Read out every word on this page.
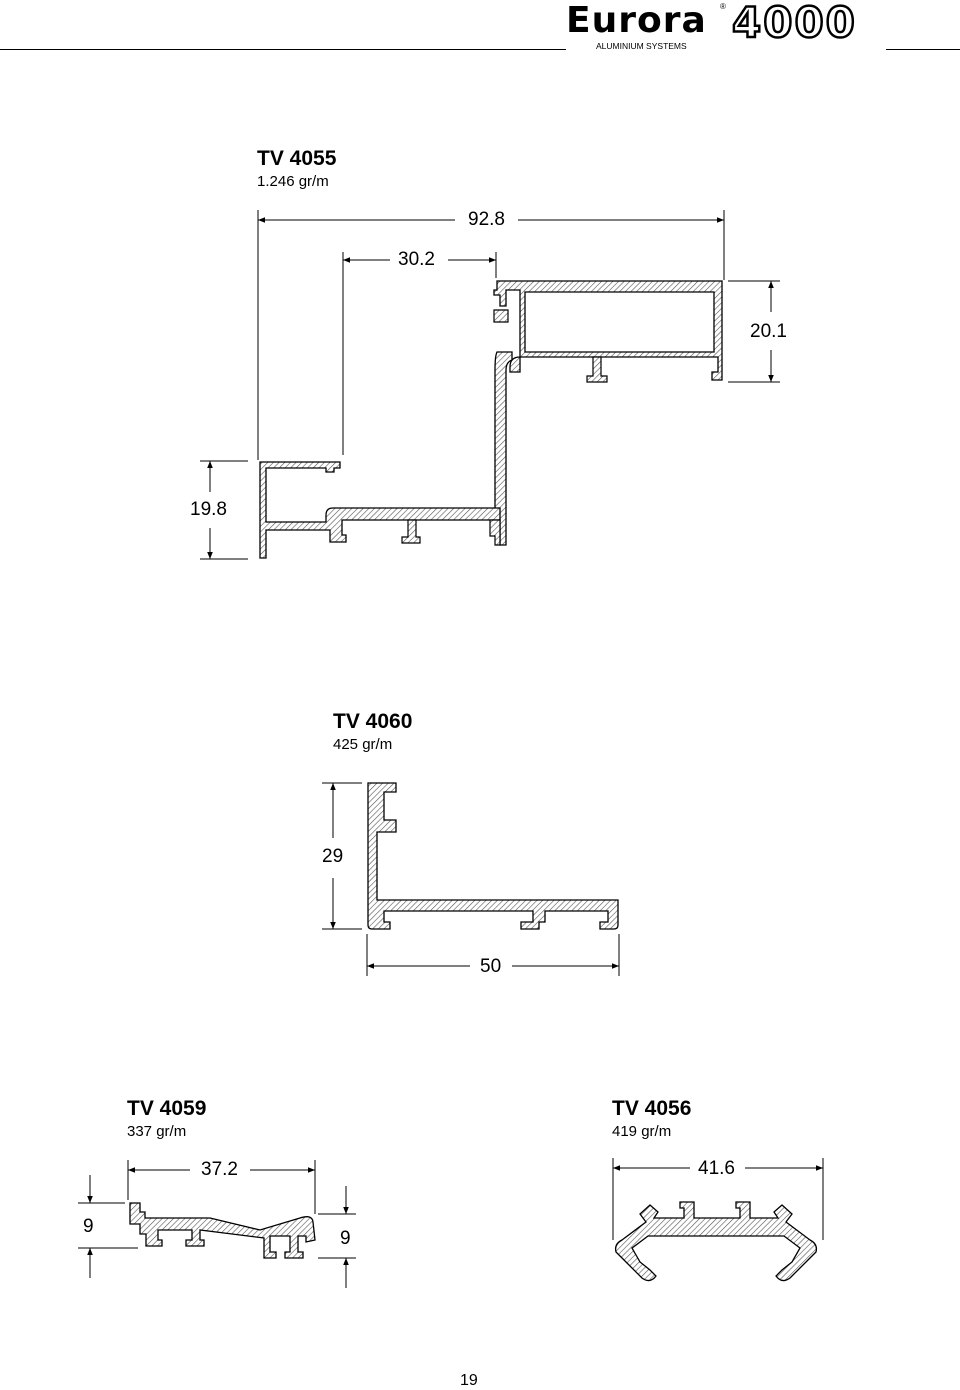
Eurora
ALUMINIUM SYSTEMS
® 4000
TV 4055
1.246 gr/m
92.8
30.2
20.1
19.8
TV 4060
425 gr/m
29
50
TV 4059
337 gr/m
37.2
9
9
TV 4056
419 gr/m
41.6
19
